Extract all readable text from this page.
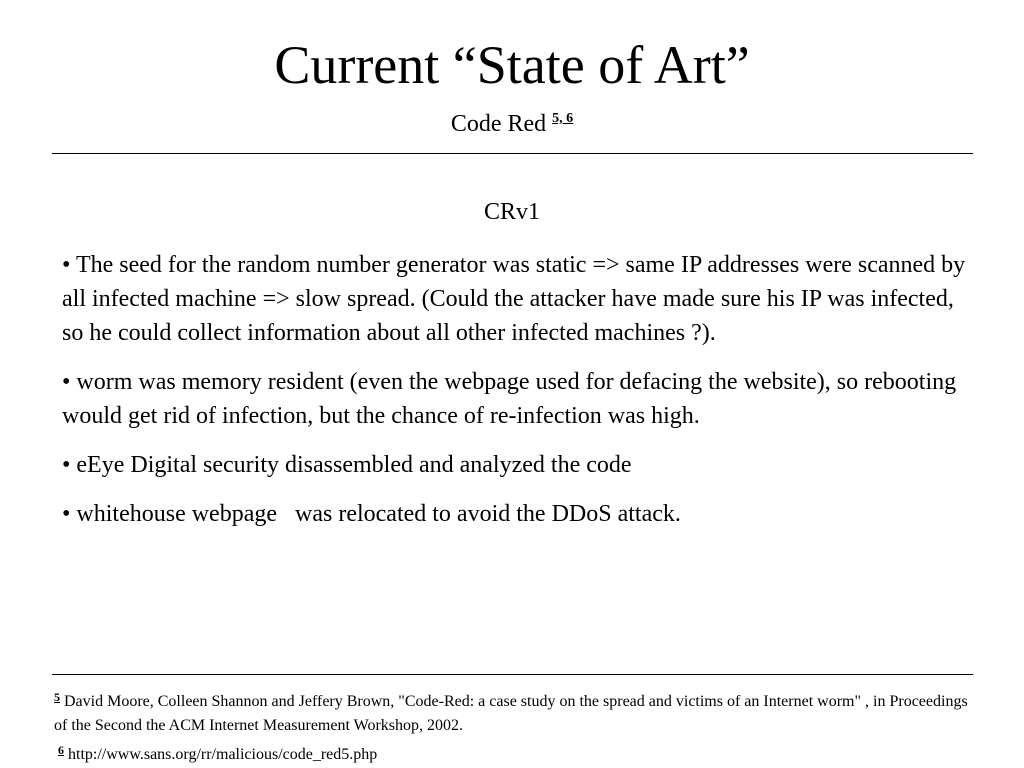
Current “State of Art”
Code Red $^{5, 6}$
CRv1
• The seed for the random number generator was static => same IP addresses were scanned by all infected machine => slow spread. (Could the attacker have made sure his IP was infected, so he could collect information about all other infected machines ?).
• worm was memory resident (even the webpage used for defacing the website), so rebooting would get rid of infection, but the chance of re-infection was high.
• eEye Digital security disassembled and analyzed the code
• whitehouse webpage   was relocated to avoid the DDoS attack.

$^5$ David Moore, Colleen Shannon and Jeffery Brown, "Code-Red: a case study on the spread and victims of an Internet worm" , in Proceedings of the Second the ACM Internet Measurement Workshop, 2002.

$^6$ http://www.sans.org/rr/malicious/code_red5.php
